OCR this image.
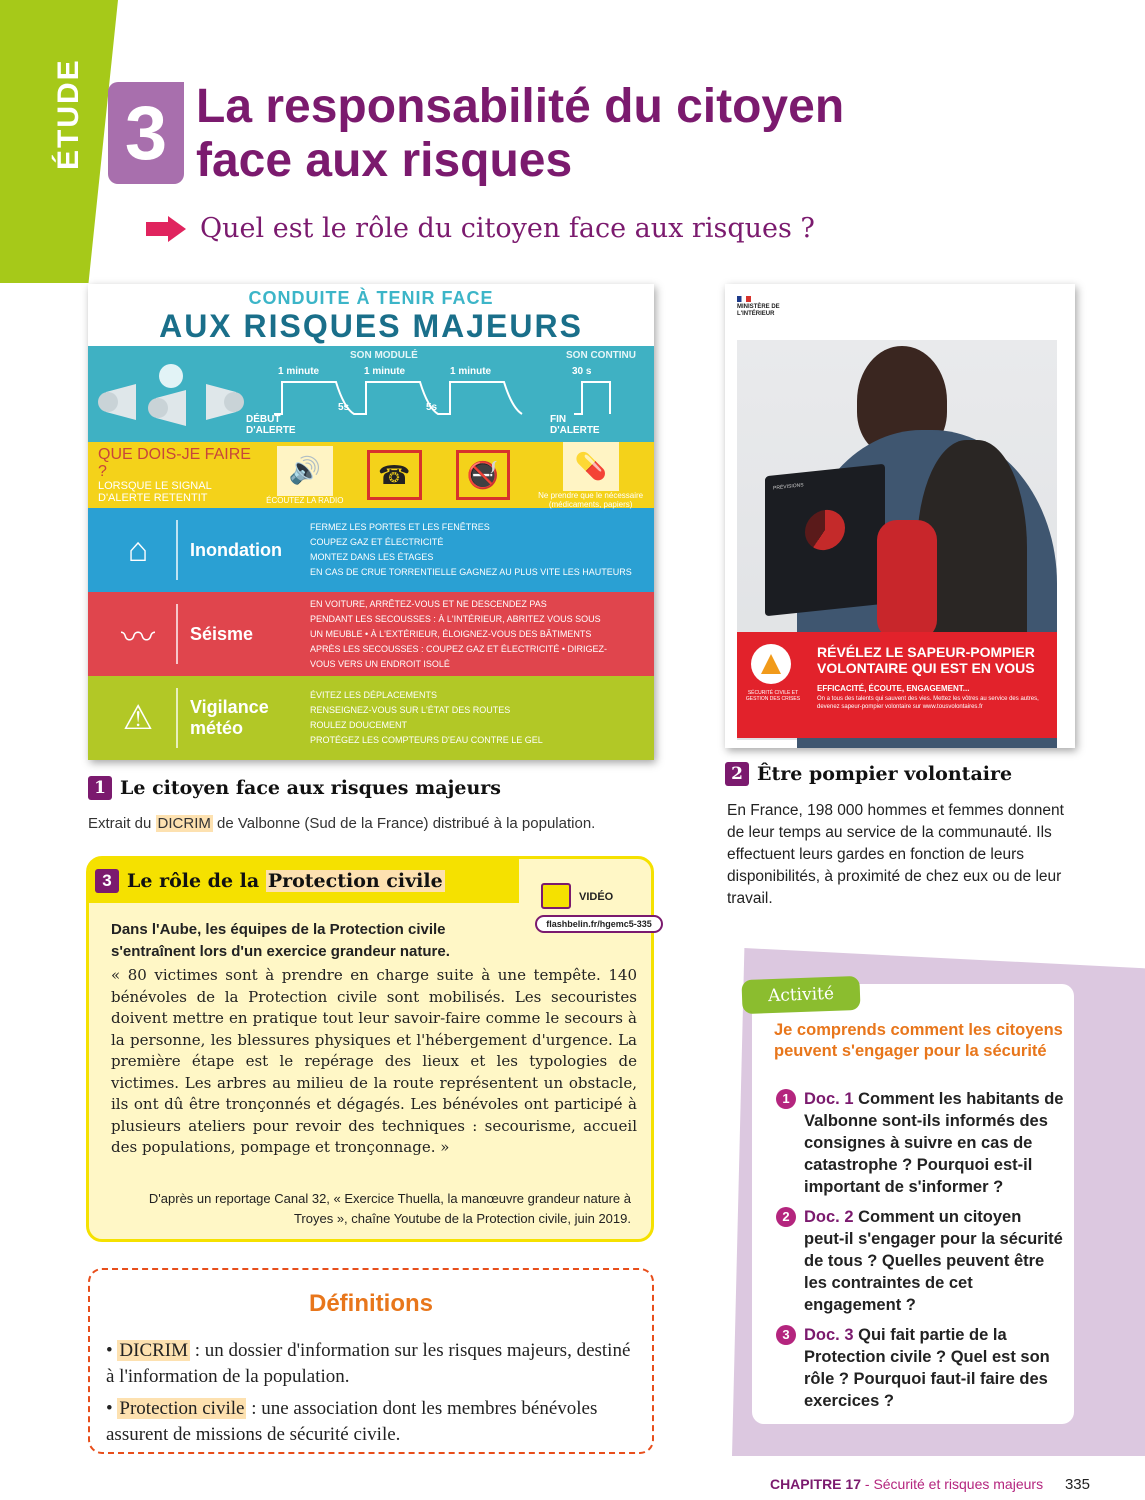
ÉTUDE 3 La responsabilité du citoyen
face aux risques
Quel est le rôle du citoyen face aux risques ?
CONDUITE À TENIR FACE
AUX RISQUES MAJEURS
SON MODULÉ	SON CONTINU
1 minute	1 minute	1 minute	30 s
5s	5s
DÉBUT D'ALERTE
FIN D'ALERTE
QUE DOIS-JE FAIRE ?
LORSQUE LE SIGNAL D'ALERTE RETENTIT
🔊
ÉCOUTEZ LA RADIO
☎	🚭	💊
Ne prendre que le nécessaire (médicaments, papiers)
⌂	Inondation
FERMEZ LES PORTES ET LES FENÊTRES
COUPEZ GAZ ET ÉLECTRICITÉ
MONTEZ DANS LES ÉTAGES
EN CAS DE CRUE TORRENTIELLE GAGNEZ AU PLUS VITE LES HAUTEURS
〰	Séisme
EN VOITURE, ARRÊTEZ-VOUS ET NE DESCENDEZ PAS
PENDANT LES SECOUSSES : À L'INTÉRIEUR, ABRITEZ VOUS SOUS UN MEUBLE • À L'EXTÉRIEUR, ÉLOIGNEZ-VOUS DES BÂTIMENTS
APRÈS LES SECOUSSES : COUPEZ GAZ ET ÉLECTRICITÉ • DIRIGEZ-VOUS VERS UN ENDROIT ISOLÉ
⚠	Vigilance météo
ÉVITEZ LES DÉPLACEMENTS
RENSEIGNEZ-VOUS SUR L'ÉTAT DES ROUTES
ROULEZ DOUCEMENT
PROTÉGEZ LES COMPTEURS D'EAU CONTRE LE GEL
1 Le citoyen face aux risques majeurs
Extrait du DICRIM de Valbonne (Sud de la France) distribué à la population.
MINISTÈRE DE L'INTÉRIEUR
PRÉVISIONS
SÉCURITÉ CIVILE ET GESTION DES CRISES
RÉVÉLEZ LE SAPEUR-POMPIER VOLONTAIRE QUI EST EN VOUS
EFFICACITÉ, ÉCOUTE, ENGAGEMENT...
On a tous des talents qui sauvent des vies. Mettez les vôtres au service des autres, devenez sapeur-pompier volontaire sur www.tousvolontaires.fr
2 Être pompier volontaire

En France, 198 000 hommes et femmes donnent de leur temps au service de la communauté. Ils effectuent leurs gardes en fonction de leurs disponibilités, à proximité de chez eux ou de leur travail.

3 Le rôle de la Protection civile
VIDÉO
flashbelin.fr/hgemc5-335

Dans l'Aube, les équipes de la Protection civile s'entraînent lors d'un exercice grandeur nature.

« 80 victimes sont à prendre en charge suite à une tempête. 140 bénévoles de la Protection civile sont mobilisés. Les secouristes doivent mettre en pratique tout leur savoir-faire comme le secours à la personne, les blessures physiques et l'hébergement d'urgence. La première étape est le repérage des lieux et les typologies de victimes. Les arbres au milieu de la route représentent un obstacle, ils ont dû être tronçonnés et dégagés. Les bénévoles ont participé à plusieurs ateliers pour revoir des techniques : secourisme, accueil des populations, pompage et tronçonnage. »

D'après un reportage Canal 32, « Exercice Thuella, la manœuvre grandeur nature à Troyes », chaîne Youtube de la Protection civile, juin 2019.

Définitions

• DICRIM : un dossier d'information sur les risques majeurs, destiné à l'information de la population.

• Protection civile : une association dont les membres bénévoles assurent de missions de sécurité civile.

Activité
Je comprends comment les citoyens peuvent s'engager pour la sécurité
1 Doc. 1 Comment les habitants de Valbonne sont-ils informés des consignes à suivre en cas de catastrophe ? Pourquoi est-il important de s'informer ?
2 Doc. 2 Comment un citoyen peut-il s'engager pour la sécurité de tous ? Quelles peuvent être les contraintes de cet engagement ?
3 Doc. 3 Qui fait partie de la Protection civile ? Quel est son rôle ? Pourquoi faut-il faire des exercices ?
CHAPITRE 17 - Sécurité et risques majeurs 335
